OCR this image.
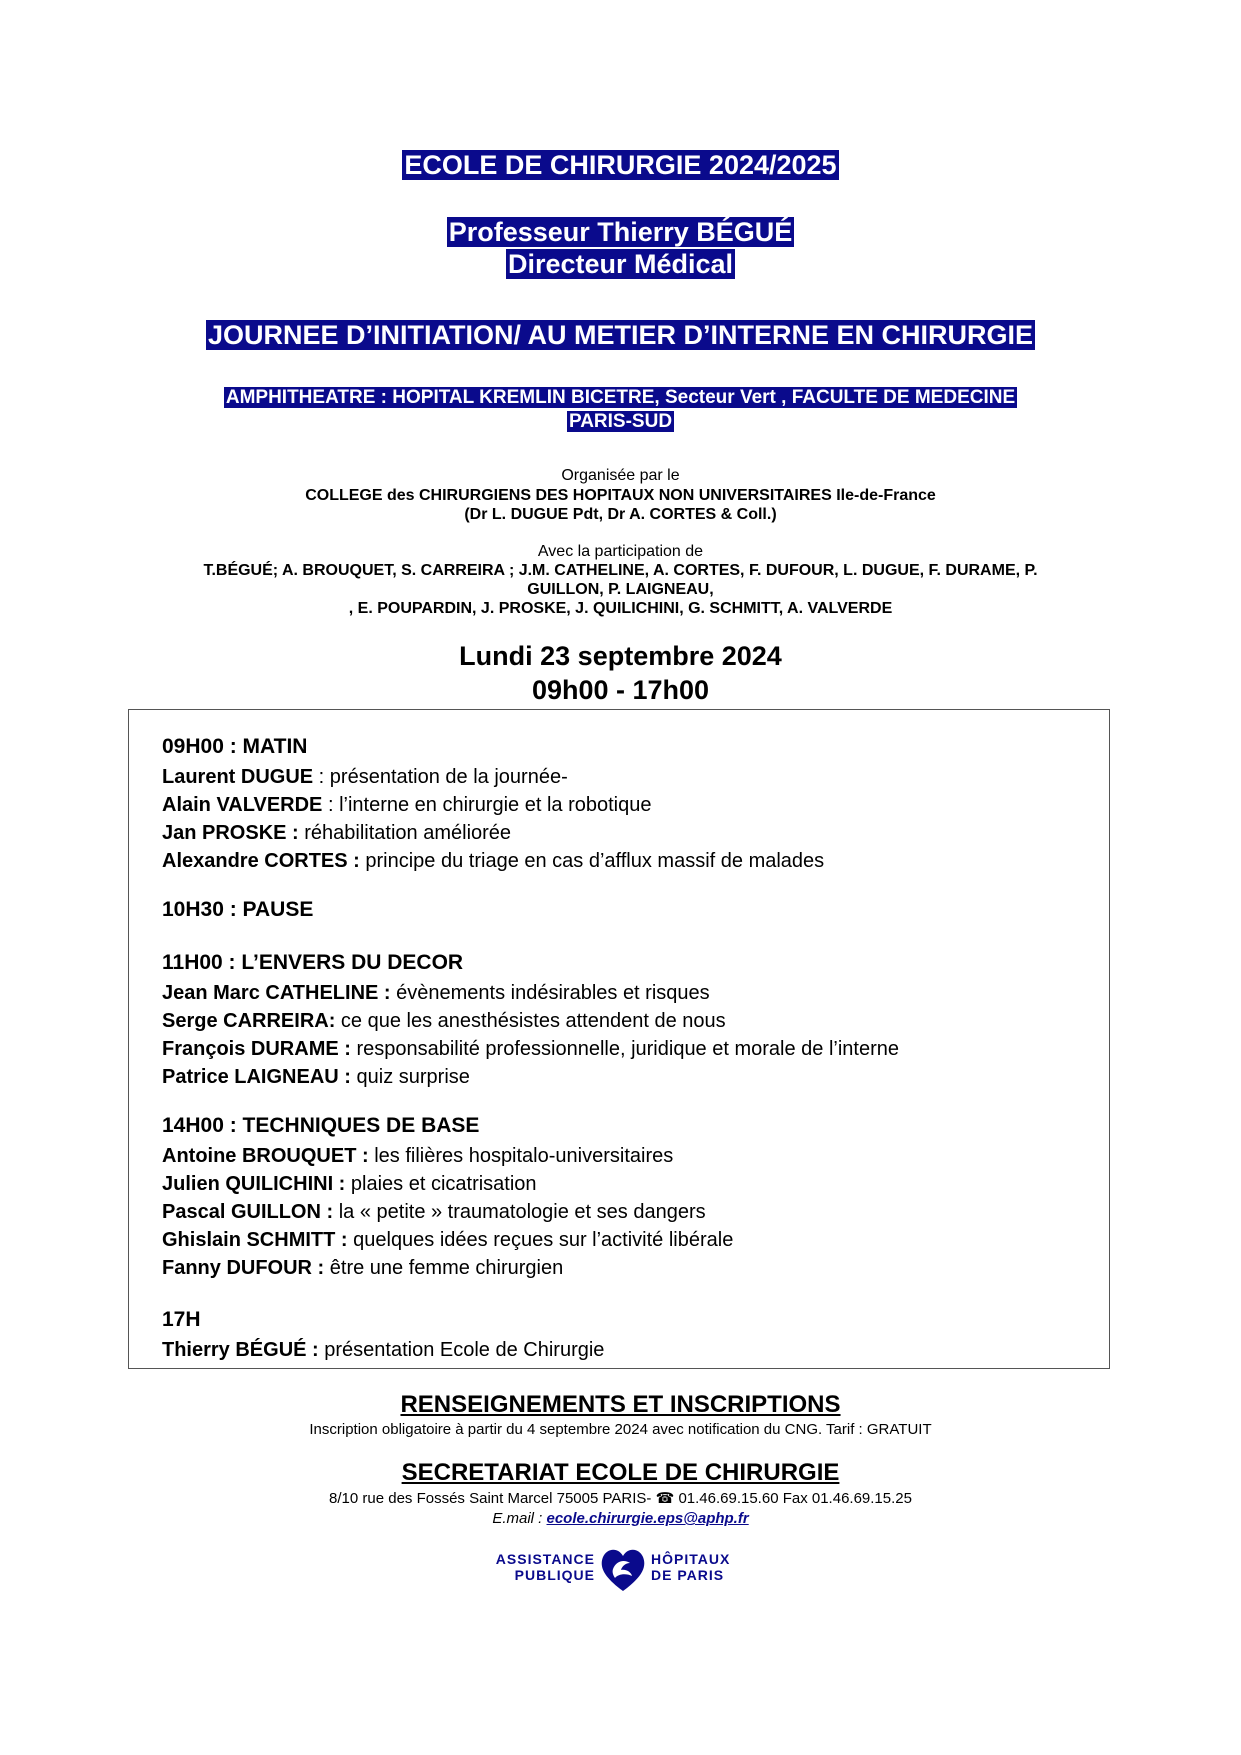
ECOLE DE CHIRURGIE 2024/2025
Professeur Thierry BÉGUÉ
Directeur Médical
JOURNEE D’INITIATION/ AU METIER D’INTERNE EN CHIRURGIE
AMPHITHEATRE : HOPITAL KREMLIN BICETRE, Secteur Vert , FACULTE DE MEDECINE
PARIS-SUD
Organisée par le
COLLEGE des CHIRURGIENS DES HOPITAUX NON UNIVERSITAIRES Ile-de-France
(Dr L. DUGUE Pdt, Dr A. CORTES & Coll.)
Avec la participation de
T.BÉGUÉ; A. BROUQUET, S. CARREIRA ; J.M. CATHELINE, A. CORTES, F. DUFOUR, L. DUGUE, F. DURAME, P.
GUILLON, P. LAIGNEAU,
, E. POUPARDIN, J. PROSKE, J. QUILICHINI, G. SCHMITT, A. VALVERDE
Lundi 23 septembre 2024
09h00 - 17h00
09H00 : MATIN
Laurent DUGUE : présentation de la journée-
Alain VALVERDE : l’interne en chirurgie et la robotique
Jan PROSKE : réhabilitation améliorée
Alexandre CORTES : principe du triage en cas d’afflux massif de malades
10H30 : PAUSE
11H00 : L’ENVERS DU DECOR
Jean Marc CATHELINE : évènements indésirables et risques
Serge CARREIRA: ce que les anesthésistes attendent de nous
François DURAME : responsabilité professionnelle, juridique et morale de l’interne
Patrice LAIGNEAU : quiz surprise
14H00 : TECHNIQUES DE BASE
Antoine BROUQUET : les filières hospitalo-universitaires
Julien QUILICHINI : plaies et cicatrisation
Pascal GUILLON : la « petite » traumatologie et ses dangers
Ghislain SCHMITT : quelques idées reçues sur l’activité libérale
Fanny DUFOUR : être une femme chirurgien
17H
Thierry BÉGUÉ : présentation Ecole de Chirurgie
RENSEIGNEMENTS ET INSCRIPTIONS
Inscription obligatoire à partir du 4 septembre 2024 avec notification du CNG. Tarif : GRATUIT
SECRETARIAT ECOLE DE CHIRURGIE
8/10 rue des Fossés Saint Marcel 75005 PARIS- ☎ 01.46.69.15.60 Fax 01.46.69.15.25
E.mail : ecole.chirurgie.eps@aphp.fr
ASSISTANCE
PUBLIQUE
HÔPITAUX
DE PARIS
